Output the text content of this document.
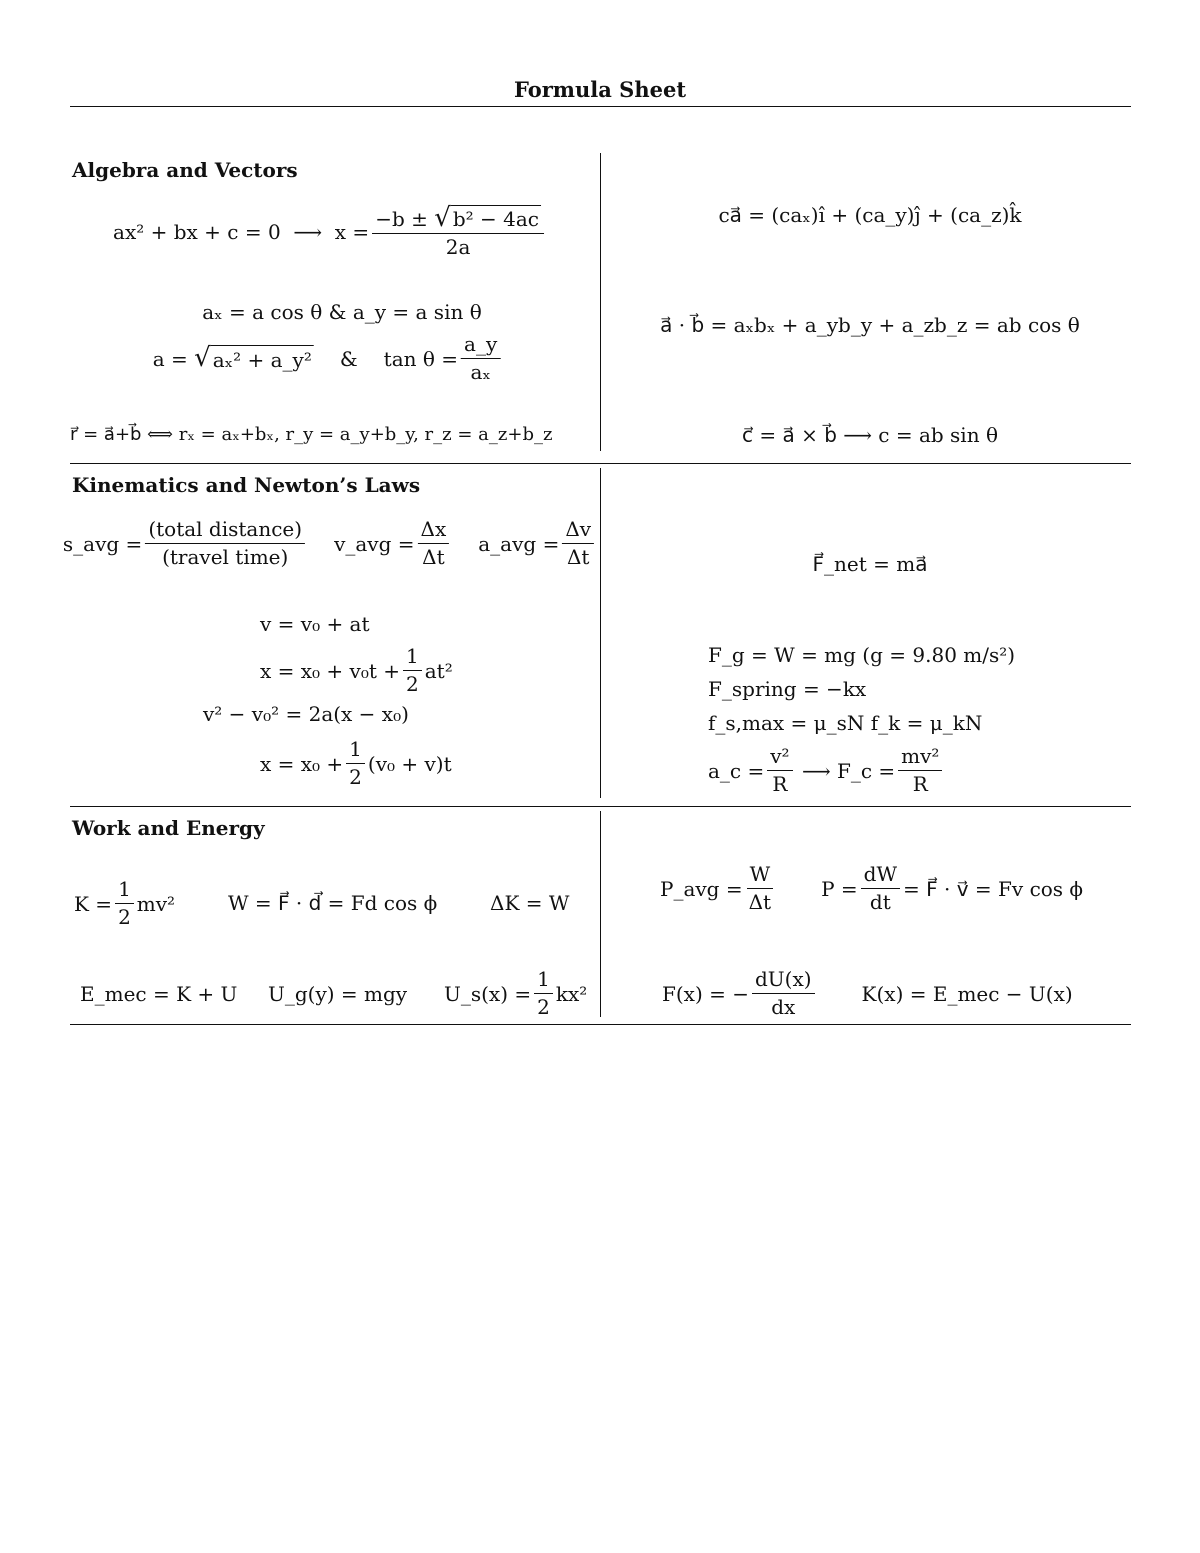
Formula Sheet
Algebra and Vectors
ax² + bx + c = 0
⟶
$x = \frac{\text{−b ± √ b² − 4ac}}{2a}$	ca⃗ = (caₓ)î + (ca_y)ĵ + (ca_z)k̂
aₓ = a cos θ & a_y = a sin θ
a =
√ aₓ² + a_y² & $\tan \theta = \frac{a\_y}{\text{aₓ}}$
a⃗ · b⃗ = aₓbₓ + a_yb_y + a_zb_z = ab cos θ
r⃗ = a⃗+b⃗ ⟺ rₓ = aₓ+bₓ, r_y = a_y+b_y, r_z = a_z+b_z	c⃗ = a⃗ × b⃗ ⟶ c = ab sin θ
Kinematics and Newton’s Laws
s_avg = $\frac{\text{(total distance)}}{\text{(travel time)}}$ v_avg = $\frac{\Delta x}{\Delta t}$ a_avg = $\frac{\Delta v}{\Delta t}$	F⃗_net = ma⃗
v = v₀ + at
$x = x_0 + v_0t + \frac{1}{2} at^2$
v² − v₀² = 2a(x − x₀)
$x = x_0 + \frac{1}{2} (v_0 + v)t$
F_g = W = mg (g = 9.80 m/s²)
F_spring = −kx
f_s,max = μ_sN f_k = μ_kN
a_c = $\frac{\text{v²}}{R}$
⟶ F_c = $\frac{\text{mv²}}{R}$
Work and Energy
$K = \frac{1}{2} mv^2$	W = F⃗ · d⃗ = Fd cos ϕ	ΔK = W
P_avg = $\frac{W}{\Delta t}$ $P = \frac{dW}{dt}$ = F⃗ · v⃗ = Fv cos ϕ
E_mec = K + U U_g(y) = mgy U_s(x) = $\frac{1}{2} kx^2$	F(x) = − $\frac{dU(x)}{dx} K(x)$ = E_mec − U(x)
